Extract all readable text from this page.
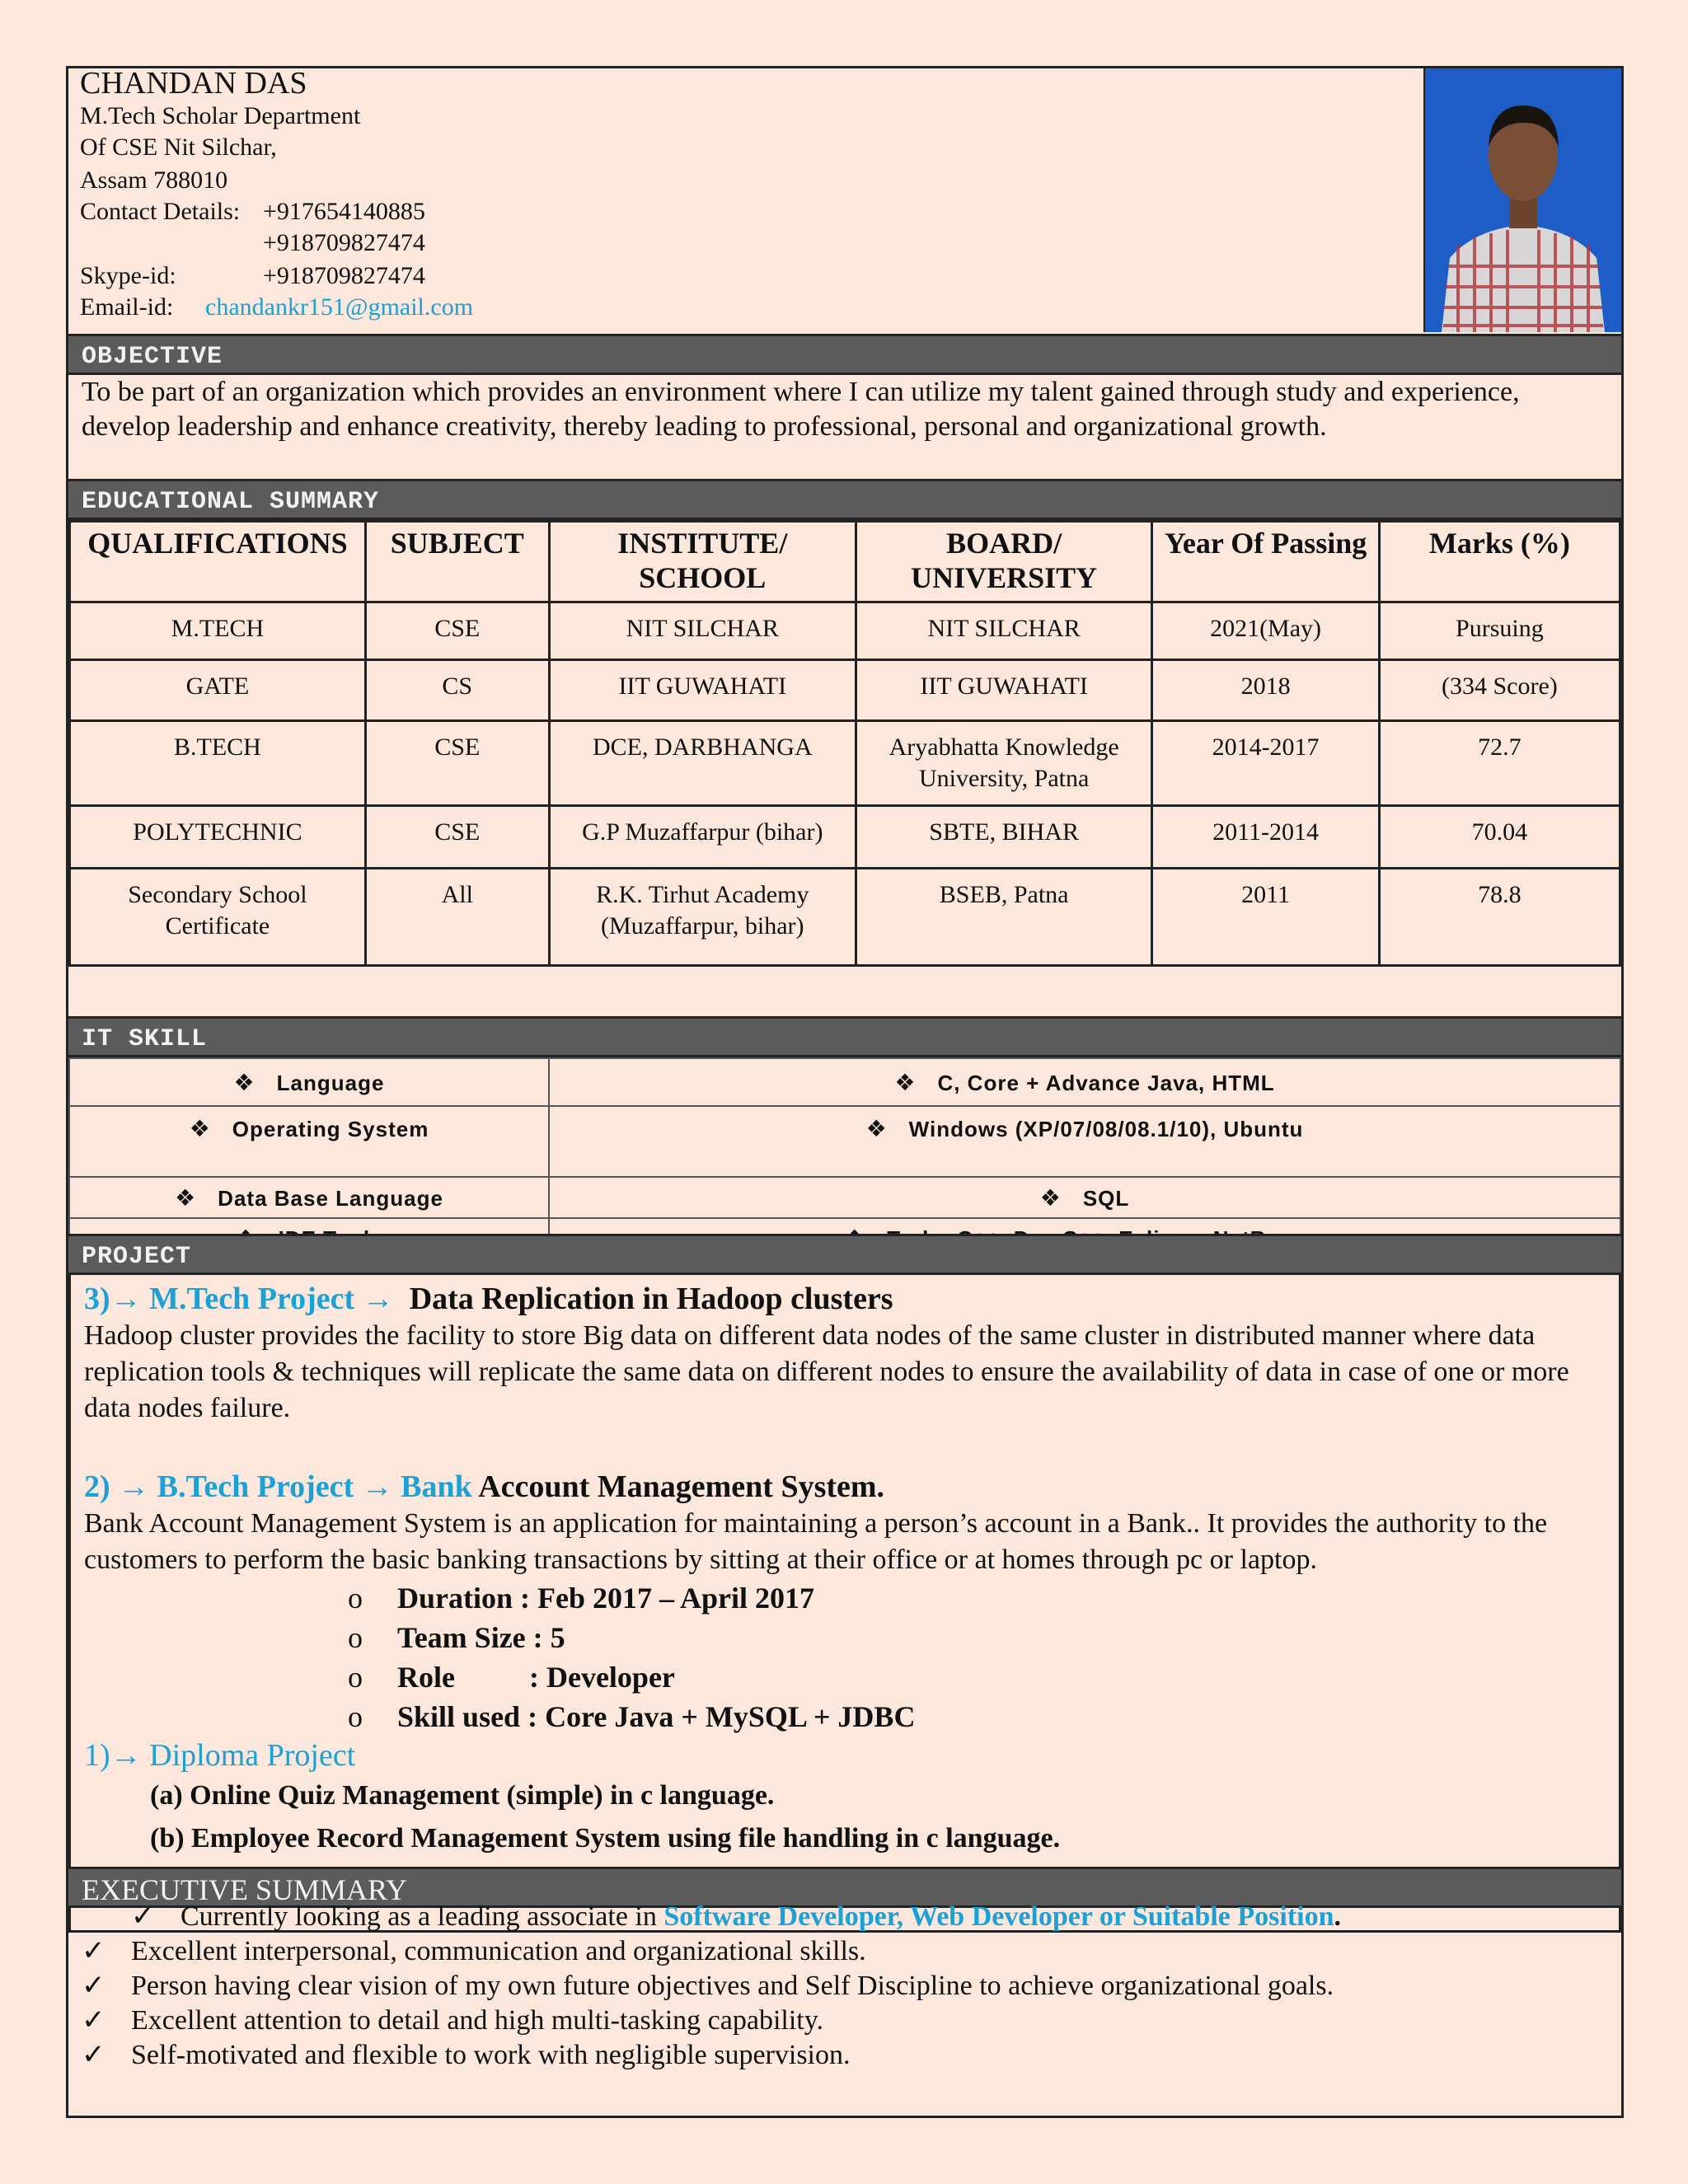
CHANDAN DAS
M.Tech Scholar Department
Of CSE Nit Silchar,
Assam 788010
Contact Details: +917654140885
+918709827474
Skype-id:	+918709827474
Email-id: chandankr151@gmail.com
OBJECTIVE
To be part of an organization which provides an environment where I can utilize my talent gained through study and experience, develop leadership and enhance creativity, thereby leading to professional, personal and organizational growth.
EDUCATIONAL SUMMARY
QUALIFICATIONS	SUBJECT	INSTITUTE/ SCHOOL	BOARD/ UNIVERSITY	Year Of Passing	Marks (%)
M.TECH	CSE	NIT SILCHAR	NIT SILCHAR	2021(May)	Pursuing
GATE	CS	IIT GUWAHATI	IIT GUWAHATI	2018	(334 Score)
B.TECH	CSE	DCE, DARBHANGA	Aryabhatta Knowledge University, Patna	2014-2017	72.7
POLYTECHNIC	CSE	G.P Muzaffarpur (bihar)	SBTE, BIHAR	2011-2014	70.04
Secondary School Certificate	All	R.K. Tirhut Academy (Muzaffarpur, bihar)	BSEB, Patna	2011	78.8
IT SKILL
❖ Language	❖ C, Core + Advance Java, HTML
❖ Operating System	❖ Windows (XP/07/08/08.1/10), Ubuntu
❖ Data Base Language	❖ SQL

PROJECT
3)→ M.Tech Project → Data Replication in Hadoop clusters
Hadoop cluster provides the facility to store Big data on different data nodes of the same cluster in distributed manner where data replication tools & techniques will replicate the same data on different nodes to ensure the availability of data in case of one or more data nodes failure.
2) → B.Tech Project → Bank Account Management System.
Bank Account Management System is an application for maintaining a person’s account in a Bank.. It provides the authority to the customers to perform the basic banking transactions by sitting at their office or at homes through pc or laptop.
o Duration : Feb 2017 – April 2017
o Team Size : 5
o Role          : Developer
o Skill used : Core Java + MySQL + JDBC
1)→ Diploma Project
(a) Online Quiz Management (simple) in c language.
(b) Employee Record Management System using file handling in c language.
EXECUTIVE SUMMARY
✓ Currently looking as a leading associate in Software Developer, Web Developer or Suitable Position.
✓ Excellent interpersonal, communication and organizational skills.
✓ Person having clear vision of my own future objectives and Self Discipline to achieve organizational goals.
✓ Excellent attention to detail and high multi-tasking capability.
✓ Self-motivated and flexible to work with negligible supervision.
